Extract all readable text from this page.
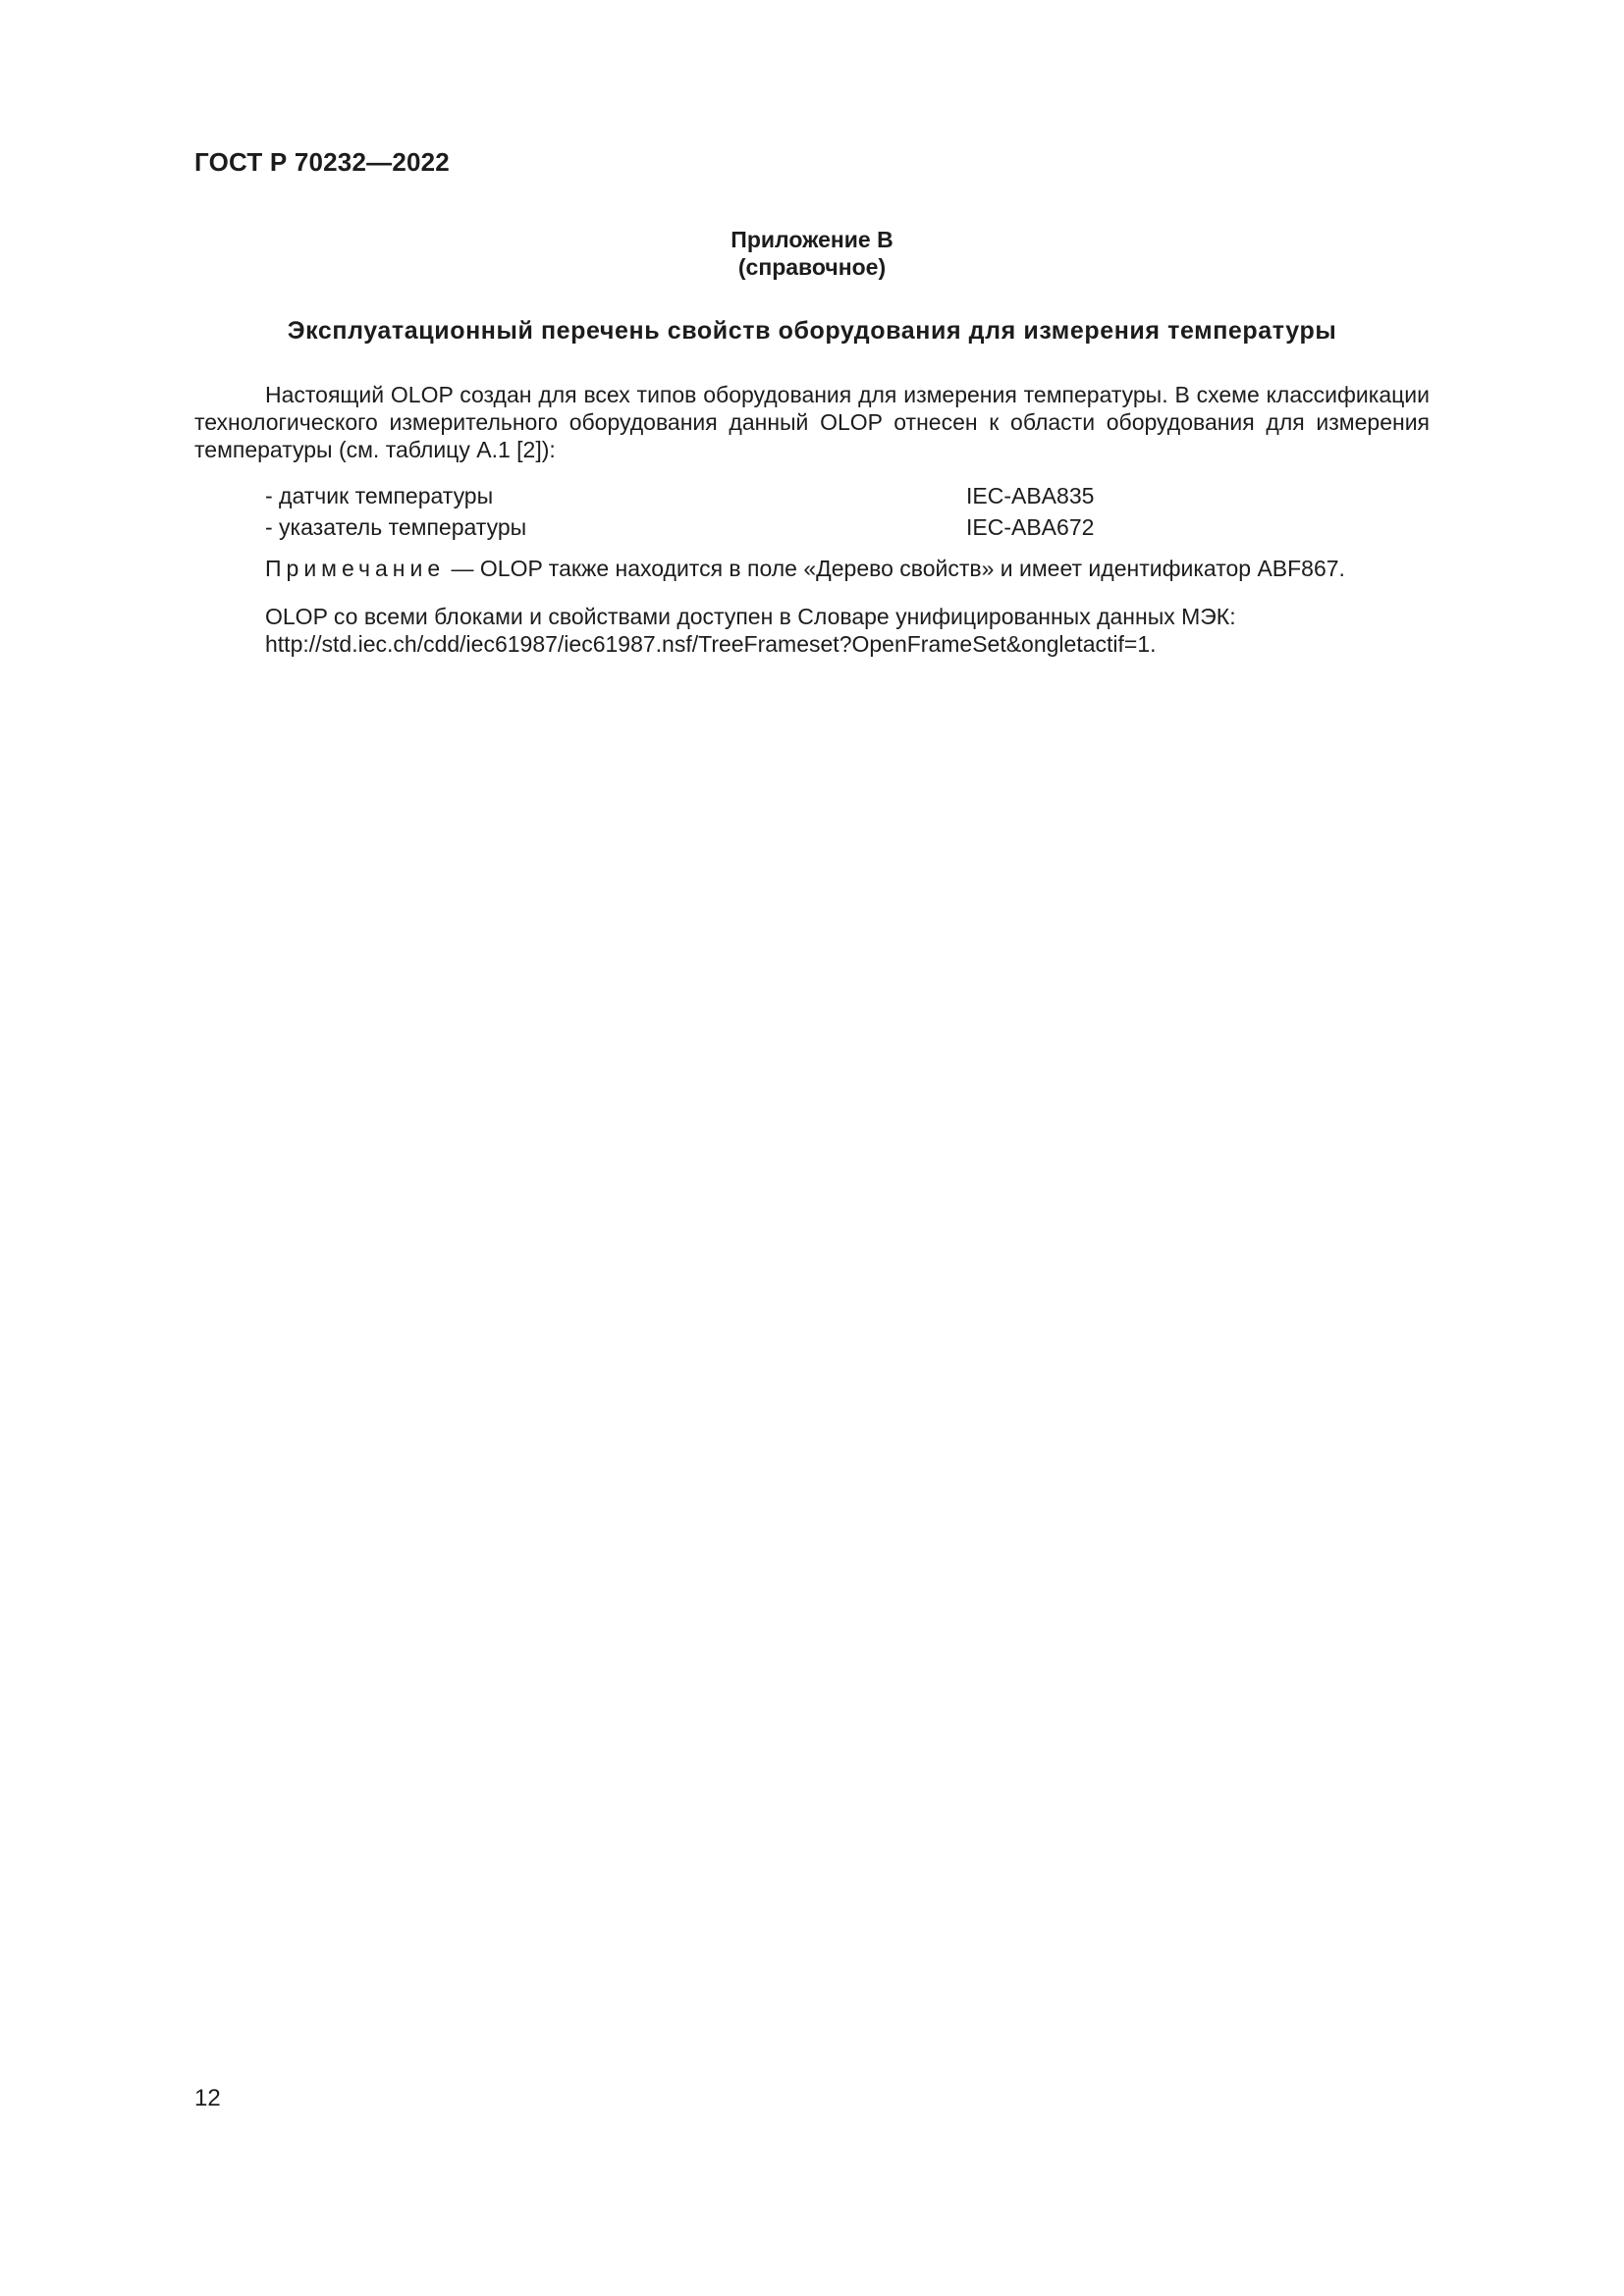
ГОСТ Р 70232—2022
Приложение В
(справочное)
Эксплуатационный перечень свойств оборудования для измерения температуры
Настоящий OLOP создан для всех типов оборудования для измерения температуры. В схеме классификации технологического измерительного оборудования данный OLOP отнесен к области оборудования для измерения температуры (см. таблицу А.1 [2]):
- датчик температуры	IEC-ABA835
- указатель температуры	IEC-ABA672
Примечание — OLOP также находится в поле «Дерево свойств» и имеет идентификатор ABF867.
OLOP со всеми блоками и свойствами доступен в Словаре унифицированных данных МЭК:
http://std.iec.ch/cdd/iec61987/iec61987.nsf/TreeFrameset?OpenFrameSet&ongletactif=1.
12
